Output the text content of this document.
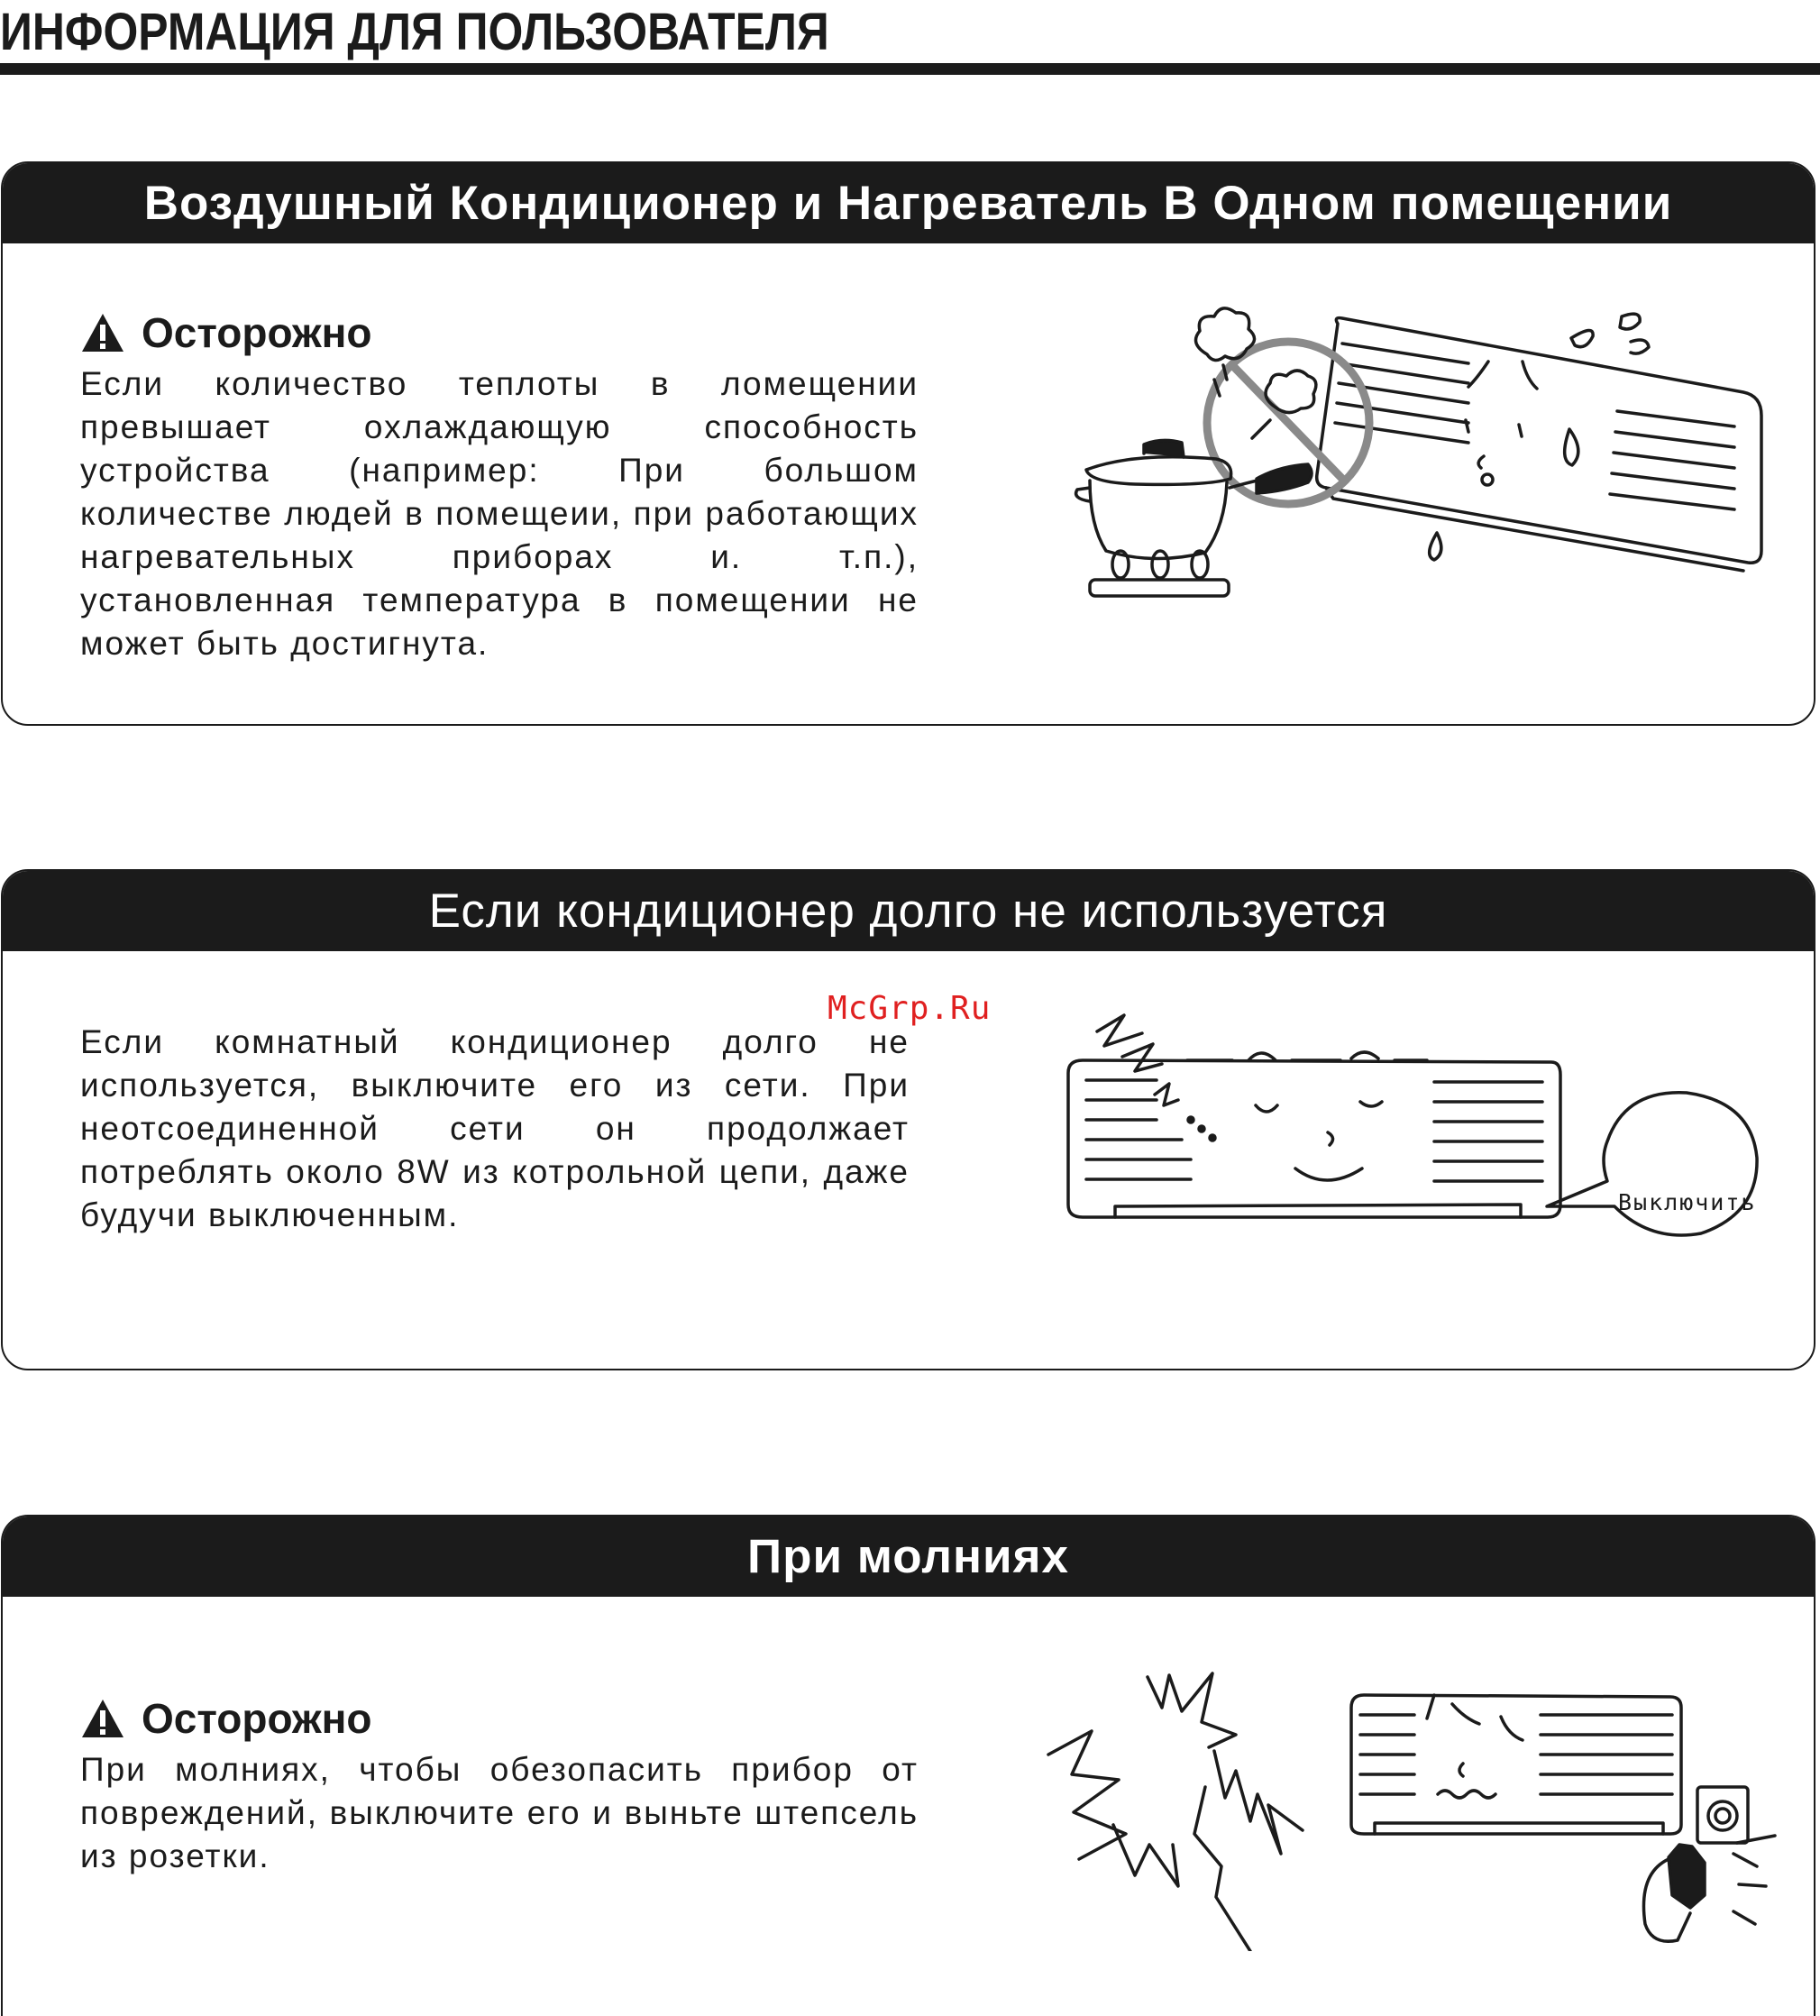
ИНФОРМАЦИЯ ДЛЯ ПОЛЬЗОВАТЕЛЯ
Воздушный Кондиционер и Нагреватель В Одном помещении
Осторожно

Если количество теплоты в ломещении превышает охлаждающую способность устройства (например: При большом количестве людей в помещеии, при работающих нагревательных приборах и. т.п.), установленная температура в помещении не может быть достигнута.

Если кондиционер долго не используется

Если комнатный кондиционер долго не используется, выключите его из сети. При неотсоединенной сети он продолжает потреблять около 8W из котрольной цепи, даже будучи выключенным.	Выключить
При молниях
Осторожно

При молниях, чтобы обезопасить прибор от повреждений, выключите его и выньте штепсель из розетки.

McGrp.Ru
